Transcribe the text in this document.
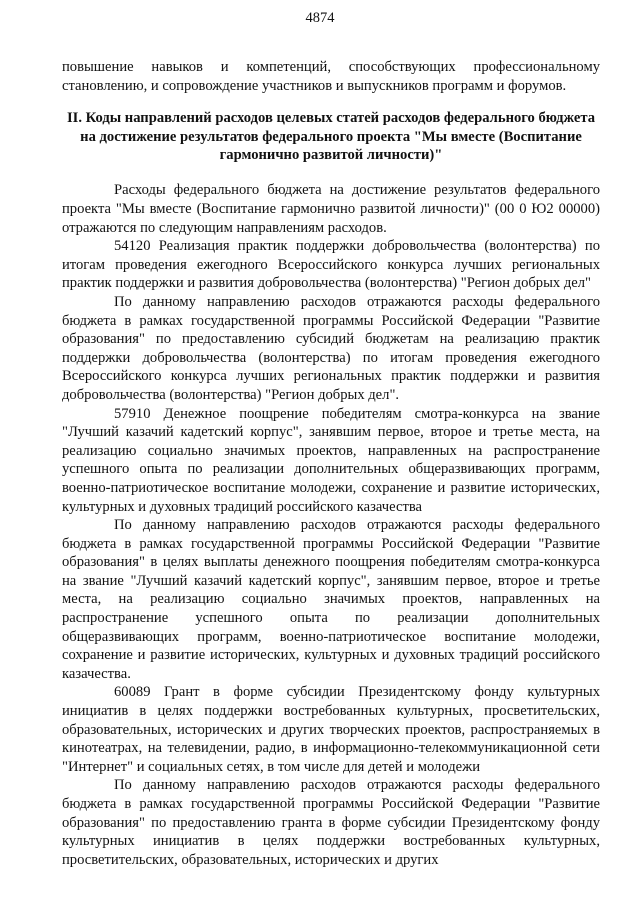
4874

повышение навыков и компетенций, способствующих профессиональному становлению, и сопровождение участников и выпускников программ и форумов.

II. Коды направлений расходов целевых статей расходов федерального бюджета на достижение результатов федерального проекта "Мы вместе (Воспитание гармонично развитой личности)"

Расходы федерального бюджета на достижение результатов федерального проекта "Мы вместе (Воспитание гармонично развитой личности)" (00 0 Ю2 00000) отражаются по следующим направлениям расходов.

54120 Реализация практик поддержки добровольчества (волонтерства) по итогам проведения ежегодного Всероссийского конкурса лучших региональных практик поддержки и развития добровольчества (волонтерства) "Регион добрых дел"

По данному направлению расходов отражаются расходы федерального бюджета в рамках государственной программы Российской Федерации "Развитие образования" по предоставлению субсидий бюджетам на реализацию практик поддержки добровольчества (волонтерства) по итогам проведения ежегодного Всероссийского конкурса лучших региональных практик поддержки и развития добровольчества (волонтерства) "Регион добрых дел".

57910 Денежное поощрение победителям смотра-конкурса на звание "Лучший казачий кадетский корпус", занявшим первое, второе и третье места, на реализацию социально значимых проектов, направленных на распространение успешного опыта по реализации дополнительных общеразвивающих программ, военно-патриотическое воспитание молодежи, сохранение и развитие исторических, культурных и духовных традиций российского казачества

По данному направлению расходов отражаются расходы федерального бюджета в рамках государственной программы Российской Федерации "Развитие образования" в целях выплаты денежного поощрения победителям смотра-конкурса на звание "Лучший казачий кадетский корпус", занявшим первое, второе и третье места, на реализацию социально значимых проектов, направленных на распространение успешного опыта по реализации дополнительных общеразвивающих программ, военно-патриотическое воспитание молодежи, сохранение и развитие исторических, культурных и духовных традиций российского казачества.

60089 Грант в форме субсидии Президентскому фонду культурных инициатив в целях поддержки востребованных культурных, просветительских, образовательных, исторических и других творческих проектов, распространяемых в кинотеатрах, на телевидении, радио, в информационно-телекоммуникационной сети "Интернет" и социальных сетях, в том числе для детей и молодежи

По данному направлению расходов отражаются расходы федерального бюджета в рамках государственной программы Российской Федерации "Развитие образования" по предоставлению гранта в форме субсидии Президентскому фонду культурных инициатив в целях поддержки востребованных культурных, просветительских, образовательных, исторических и других
